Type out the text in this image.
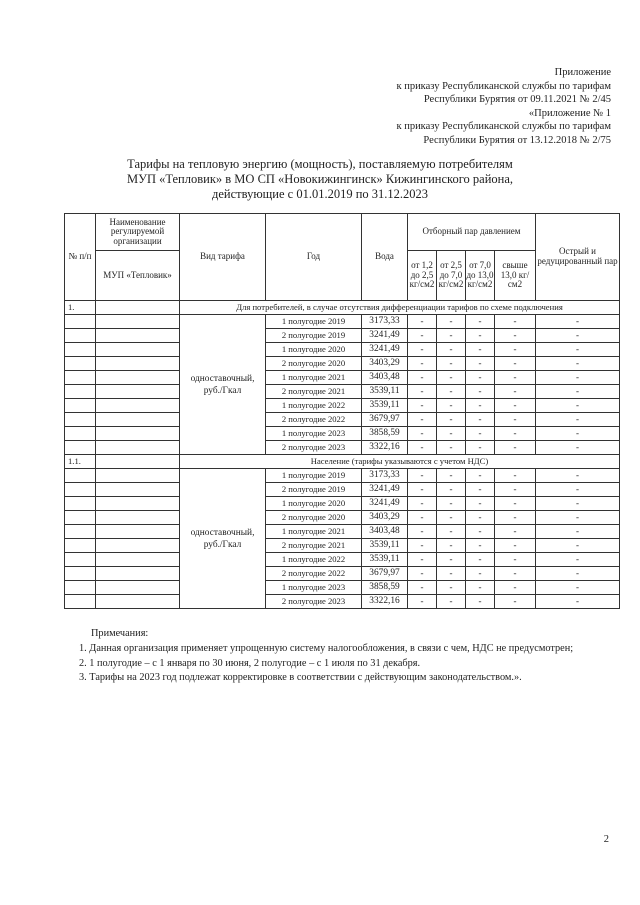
Приложение
к приказу Республиканской службы по тарифам
Республики Бурятия от 09.11.2021 № 2/45
«Приложение № 1
к приказу Республиканской службы по тарифам
Республики Бурятия от 13.12.2018 № 2/75
Тарифы на тепловую энергию (мощность), поставляемую потребителям
МУП «Тепловик» в МО СП «Новокижингинск» Кижингинского района,
действующие с 01.01.2019 по 31.12.2023
№ п/п	Наименование регулируемой организации	Вид тарифа	Год	Вода	Отборный пар давлением				Острый и редуцированный пар
	МУП «Тепловик»				от 1,2 до 2,5 кг/см2	от 2,5 до 7,0 кг/см2	от 7,0 до 13,0 кг/см2	свыше 13,0 кг/см2	
1.		Для потребителей, в случае отсутствия дифференциации тарифов по схеме подключения							
		одноставочный, руб./Гкал	1 полугодие 2019	3173,33	-	-	-	-	-
			2 полугодие 2019	3241,49	-	-	-	-	-
			1 полугодие 2020	3241,49	-	-	-	-	-
			2 полугодие 2020	3403,29	-	-	-	-	-
			1 полугодие 2021	3403,48	-	-	-	-	-
			2 полугодие 2021	3539,11	-	-	-	-	-
			1 полугодие 2022	3539,11	-	-	-	-	-
			2 полугодие 2022	3679,97	-	-	-	-	-
			1 полугодие 2023	3858,59	-	-	-	-	-
			2 полугодие 2023	3322,16	-	-	-	-	-
1.1.		Население (тарифы указываются с учетом НДС)							
		одноставочный, руб./Гкал	1 полугодие 2019	3173,33	-	-	-	-	-
			2 полугодие 2019	3241,49	-	-	-	-	-
			1 полугодие 2020	3241,49	-	-	-	-	-
			2 полугодие 2020	3403,29	-	-	-	-	-
			1 полугодие 2021	3403,48	-	-	-	-	-
			2 полугодие 2021	3539,11	-	-	-	-	-
			1 полугодие 2022	3539,11	-	-	-	-	-
			2 полугодие 2022	3679,97	-	-	-	-	-
			1 полугодие 2023	3858,59	-	-	-	-	-
			2 полугодие 2023	3322,16	-	-	-	-	-
Примечания:
1. Данная организация применяет упрощенную систему налогообложения, в связи с чем, НДС не предусмотрен;
2. 1 полугодие – с 1 января по 30 июня, 2 полугодие – с 1 июля по 31 декабря.
3. Тарифы на 2023 год подлежат корректировке в соответствии с действующим законодательством.».
2
